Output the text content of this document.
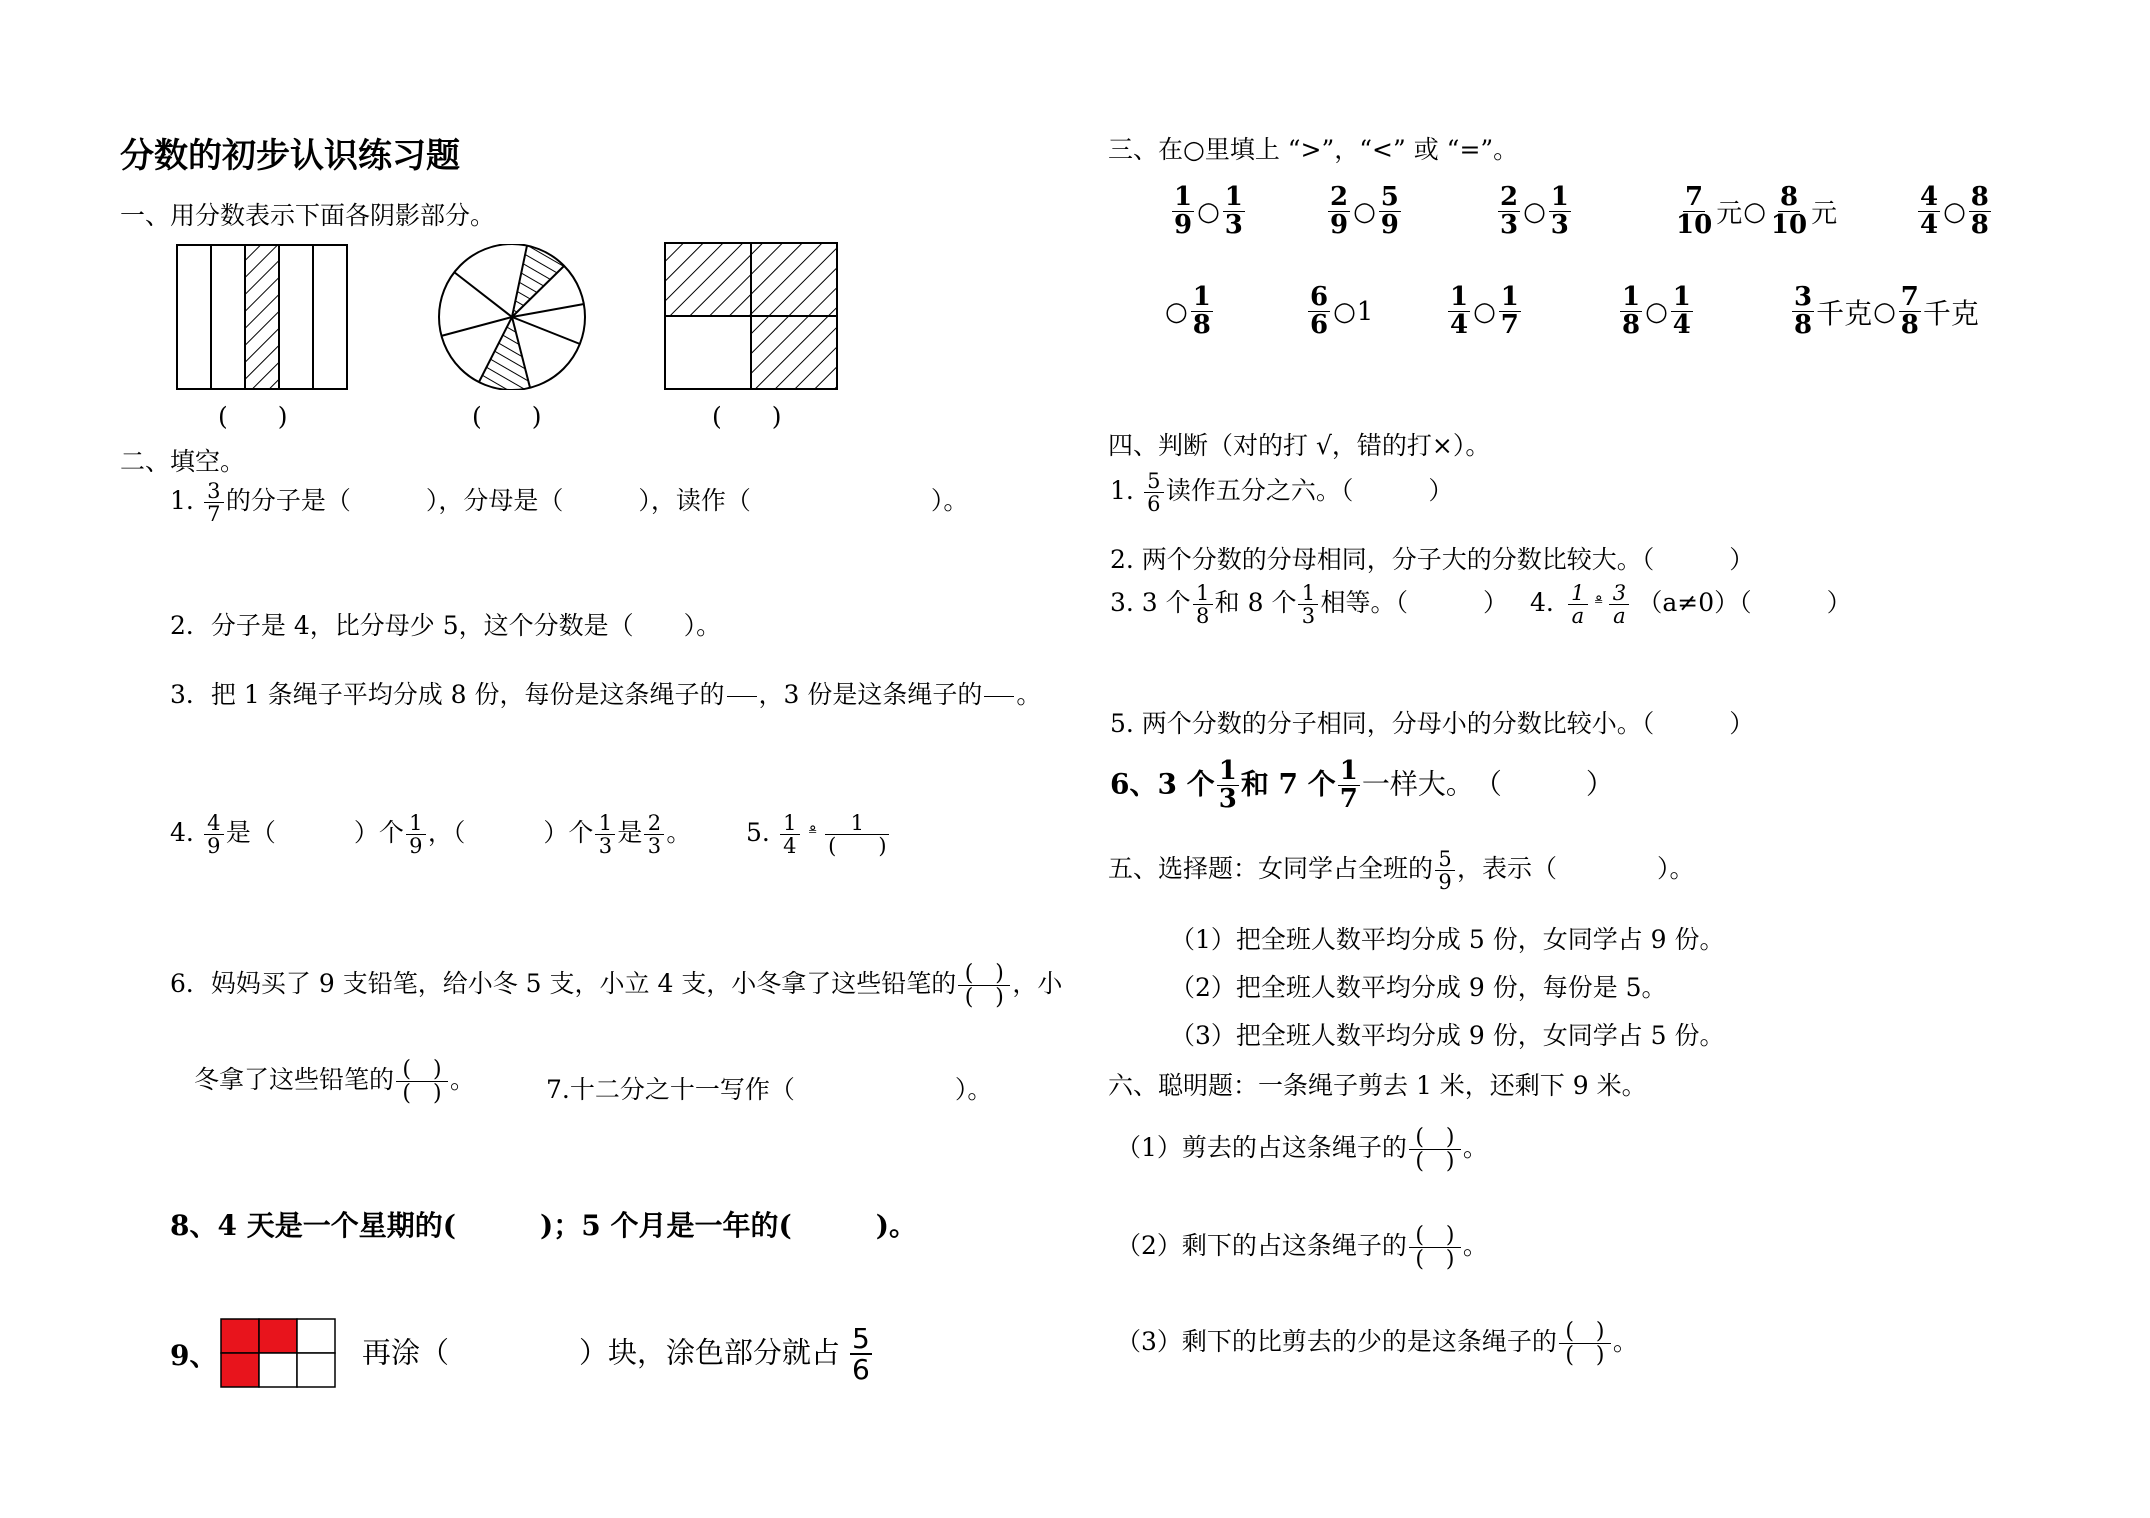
分数的初步认识练习题
一、用分数表示下面各阴影部分。
(　　)	(　　)	(　　)
二、填空。
1. $\frac{3}{7}$ 的分子是（　　　），分母是（　　　），读作（	）。
2．分子是 4，比分母少 5，这个分数是（　　）。
3．把 1 条绳子平均分成 8 份，每份是这条绳子的

，3 份是这条绳子的

。
4. $\frac{4}{9}$ 是（	）个 $\frac{1}{9}$ ，（	）个 $\frac{1}{3}$ 是 $\frac{2}{3}$ 。 5. $\frac{1}{4}$ ⁼̊ $\frac{1}{( )}$
6．妈妈买了 9 支铅笔，给小冬 5 支，小立 4 支，小冬拿了这些铅笔的 $\frac{( )}{( )}$ ，小
冬拿了这些铅笔的 $\frac{( )}{( )}$ 。	7.十二分之十一写作（	）。
8、4 天是一个星期的(　　　)；5 个月是一年的(　　　)。
9、	再涂（	）块，涂色部分就占 $\frac{5}{6}$
三、在○里填上 “>”，“<” 或 “=”。
$\frac{1}{9}$ ○ $\frac{1}{3}$	$\frac{2}{9}$ ○ $\frac{5}{9}$	$\frac{2}{3}$ ○ $\frac{1}{3}$	$\frac{7}{10}$ 元 ○ $\frac{8}{10}$ 元	$\frac{4}{4}$ ○ $\frac{8}{8}$
○ $\frac{1}{8}$	$\frac{6}{6}$ ○ 1	$\frac{1}{4}$ ○ $\frac{1}{7}$	$\frac{1}{8}$ ○ $\frac{1}{4}$	$\frac{3}{8}$ 千克 ○ $\frac{7}{8}$ 千克
四、判断（对的打 √，错的打×）。
1. $\frac{5}{6}$ 读作五分之六。（　　　）
2. 两个分数的分母相同，分子大的分数比较大。（　　　）
3. 3 个 $\frac{1}{8}$ 和 8 个 $\frac{1}{3}$ 相等。（　　　） 4. $\frac{1}{a}$ ⁼̊ $\frac{3}{a} (a\ne 0)$（　　　）
5. 两个分数的分子相同，分母小的分数比较小。（　　　）
6、3 个 $\frac{1}{3}$ 和 7 个 $\frac{1}{7}$ 一样大。　（　　　）
五、选择题：女同学占全班的 $\frac{5}{9}$ ，表示（　　　　）。
（1）把全班人数平均分成 5 份，女同学占 9 份。
（2）把全班人数平均分成 9 份，每份是 5。
（3）把全班人数平均分成 9 份，女同学占 5 份。
六、聪明题：一条绳子剪去 1 米，还剩下 9 米。
（1）剪去的占这条绳子的 $\frac{( )}{( )}$ 。
（2）剩下的占这条绳子的 $\frac{( )}{( )}$ 。
（3）剩下的比剪去的少的是这条绳子的 $\frac{( )}{( )}$ 。
